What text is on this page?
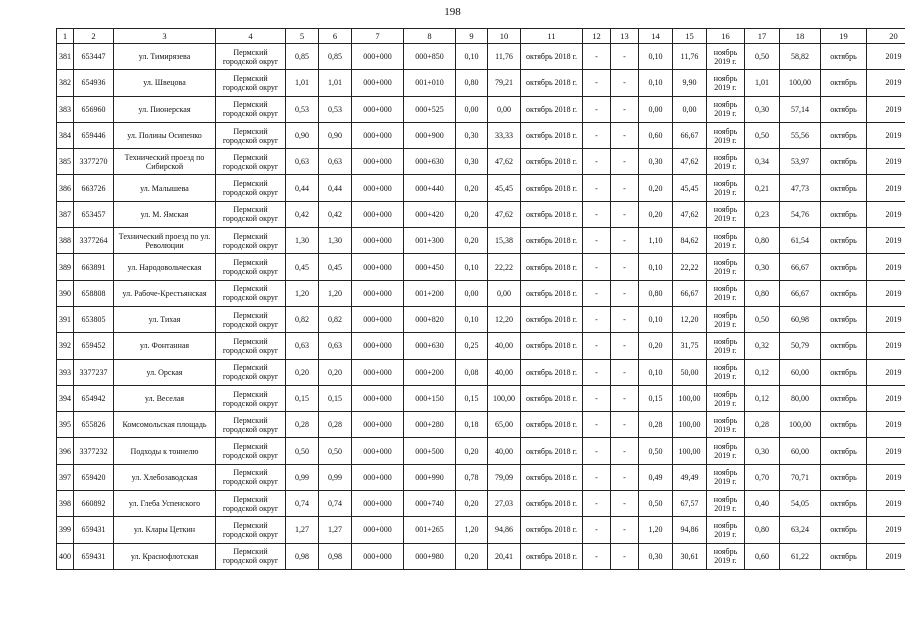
198
1	2	3	4	5	6	7	8	9	10	11	12	13	14	15	16	17	18	19	20
381	653447	ул. Тимирязева	Пермский городской округ	0,85	0,85	000+000	000+850	0,10	11,76	октябрь 2018 г.	-	-	0,10	11,76	ноябрь 2019 г.	0,50	58,82	октябрь	2019
382	654936	ул. Швецова	Пермский городской округ	1,01	1,01	000+000	001+010	0,80	79,21	октябрь 2018 г.	-	-	0,10	9,90	ноябрь 2019 г.	1,01	100,00	октябрь	2019
383	656960	ул. Пионерская	Пермский городской округ	0,53	0,53	000+000	000+525	0,00	0,00	октябрь 2018 г.	-	-	0,00	0,00	ноябрь 2019 г.	0,30	57,14	октябрь	2019
384	659446	ул. Полины Осипенко	Пермский городской округ	0,90	0,90	000+000	000+900	0,30	33,33	октябрь 2018 г.	-	-	0,60	66,67	ноябрь 2019 г.	0,50	55,56	октябрь	2019
385	3377270	Технический проезд по Сибирской	Пермский городской округ	0,63	0,63	000+000	000+630	0,30	47,62	октябрь 2018 г.	-	-	0,30	47,62	ноябрь 2019 г.	0,34	53,97	октябрь	2019
386	663726	ул. Малышева	Пермский городской округ	0,44	0,44	000+000	000+440	0,20	45,45	октябрь 2018 г.	-	-	0,20	45,45	ноябрь 2019 г.	0,21	47,73	октябрь	2019
387	653457	ул. М. Ямская	Пермский городской округ	0,42	0,42	000+000	000+420	0,20	47,62	октябрь 2018 г.	-	-	0,20	47,62	ноябрь 2019 г.	0,23	54,76	октябрь	2019
388	3377264	Технический проезд по ул. Революции	Пермский городской округ	1,30	1,30	000+000	001+300	0,20	15,38	октябрь 2018 г.	-	-	1,10	84,62	ноябрь 2019 г.	0,80	61,54	октябрь	2019
389	663891	ул. Народовольческая	Пермский городской округ	0,45	0,45	000+000	000+450	0,10	22,22	октябрь 2018 г.	-	-	0,10	22,22	ноябрь 2019 г.	0,30	66,67	октябрь	2019
390	658808	ул. Рабоче-Крестьянская	Пермский городской округ	1,20	1,20	000+000	001+200	0,00	0,00	октябрь 2018 г.	-	-	0,80	66,67	ноябрь 2019 г.	0,80	66,67	октябрь	2019
391	653805	ул. Тихая	Пермский городской округ	0,82	0,82	000+000	000+820	0,10	12,20	октябрь 2018 г.	-	-	0,10	12,20	ноябрь 2019 г.	0,50	60,98	октябрь	2019
392	659452	ул. Фонтанная	Пермский городской округ	0,63	0,63	000+000	000+630	0,25	40,00	октябрь 2018 г.	-	-	0,20	31,75	ноябрь 2019 г.	0,32	50,79	октябрь	2019
393	3377237	ул. Орская	Пермский городской округ	0,20	0,20	000+000	000+200	0,08	40,00	октябрь 2018 г.	-	-	0,10	50,00	ноябрь 2019 г.	0,12	60,00	октябрь	2019
394	654942	ул. Веселая	Пермский городской округ	0,15	0,15	000+000	000+150	0,15	100,00	октябрь 2018 г.	-	-	0,15	100,00	ноябрь 2019 г.	0,12	80,00	октябрь	2019
395	655826	Комсомольская площадь	Пермский городской округ	0,28	0,28	000+000	000+280	0,18	65,00	октябрь 2018 г.	-	-	0,28	100,00	ноябрь 2019 г.	0,28	100,00	октябрь	2019
396	3377232	Подходы к тоннелю	Пермский городской округ	0,50	0,50	000+000	000+500	0,20	40,00	октябрь 2018 г.	-	-	0,50	100,00	ноябрь 2019 г.	0,30	60,00	октябрь	2019
397	659420	ул. Хлебозаводская	Пермский городской округ	0,99	0,99	000+000	000+990	0,78	79,09	октябрь 2018 г.	-	-	0,49	49,49	ноябрь 2019 г.	0,70	70,71	октябрь	2019
398	660892	ул. Глеба Успенского	Пермский городской округ	0,74	0,74	000+000	000+740	0,20	27,03	октябрь 2018 г.	-	-	0,50	67,57	ноябрь 2019 г.	0,40	54,05	октябрь	2019
399	659431	ул. Клары Цеткин	Пермский городской округ	1,27	1,27	000+000	001+265	1,20	94,86	октябрь 2018 г.	-	-	1,20	94,86	ноябрь 2019 г.	0,80	63,24	октябрь	2019
400	659431	ул. Краснофлотская	Пермский городской округ	0,98	0,98	000+000	000+980	0,20	20,41	октябрь 2018 г.	-	-	0,30	30,61	ноябрь 2019 г.	0,60	61,22	октябрь	2019
